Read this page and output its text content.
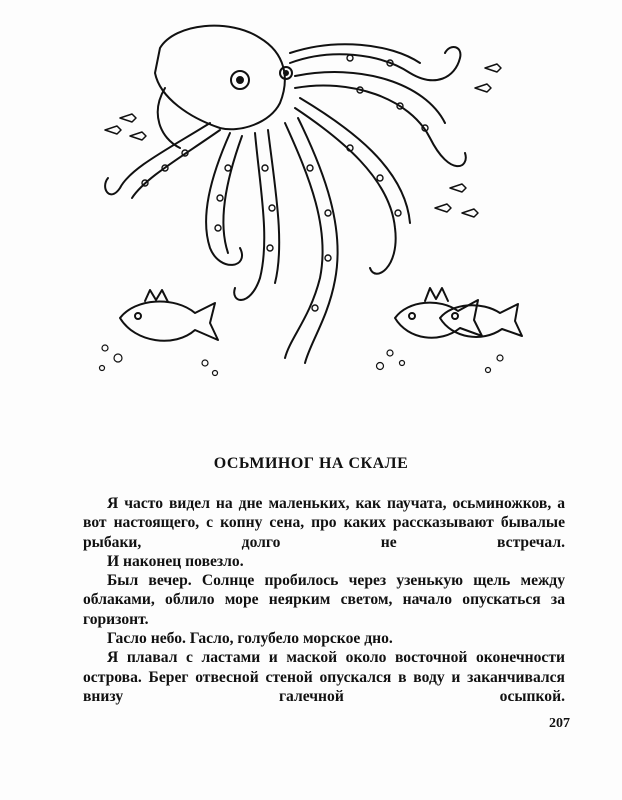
ОСЬМИНОГ НА СКАЛЕ

Я часто видел на дне маленьких, как паучата, осьминожков, а вот настоящего, с копну сена, про каких рассказывают бывалые рыбаки, долго не встречал.

И наконец повезло.

Был вечер. Солнце пробилось через узенькую щель между облаками, облило море неярким светом, начало опускаться за горизонт.

Гасло небо. Гасло, голубело морское дно.

Я плавал с ластами и маской около восточной оконечности острова. Берег отвесной стеной опускался в воду и заканчивался внизу галечной осыпкой.

207
